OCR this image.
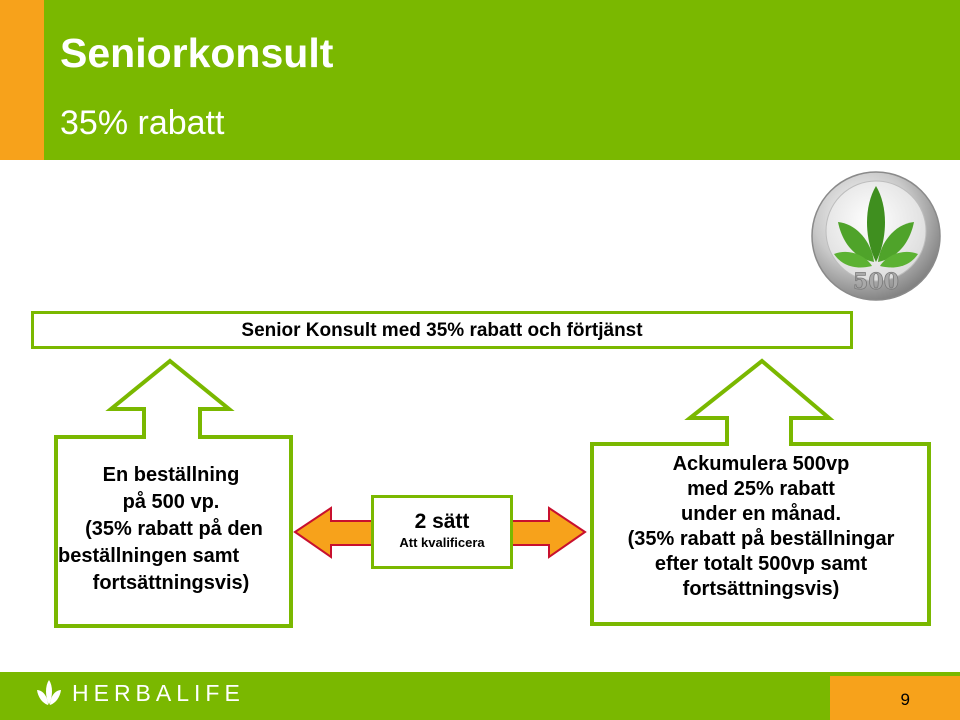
Seniorkonsult
35% rabatt
500
Senior Konsult med 35% rabatt och förtjänst
2 sätt
Att kvalificera
En beställning
på 500 vp.
(35% rabatt på den
beställningen samt
fortsättningsvis)
Ackumulera 500vp
med 25% rabatt
under en månad.
(35% rabatt på beställningar
efter totalt 500vp samt
fortsättningsvis)
HERBALIFE	9
